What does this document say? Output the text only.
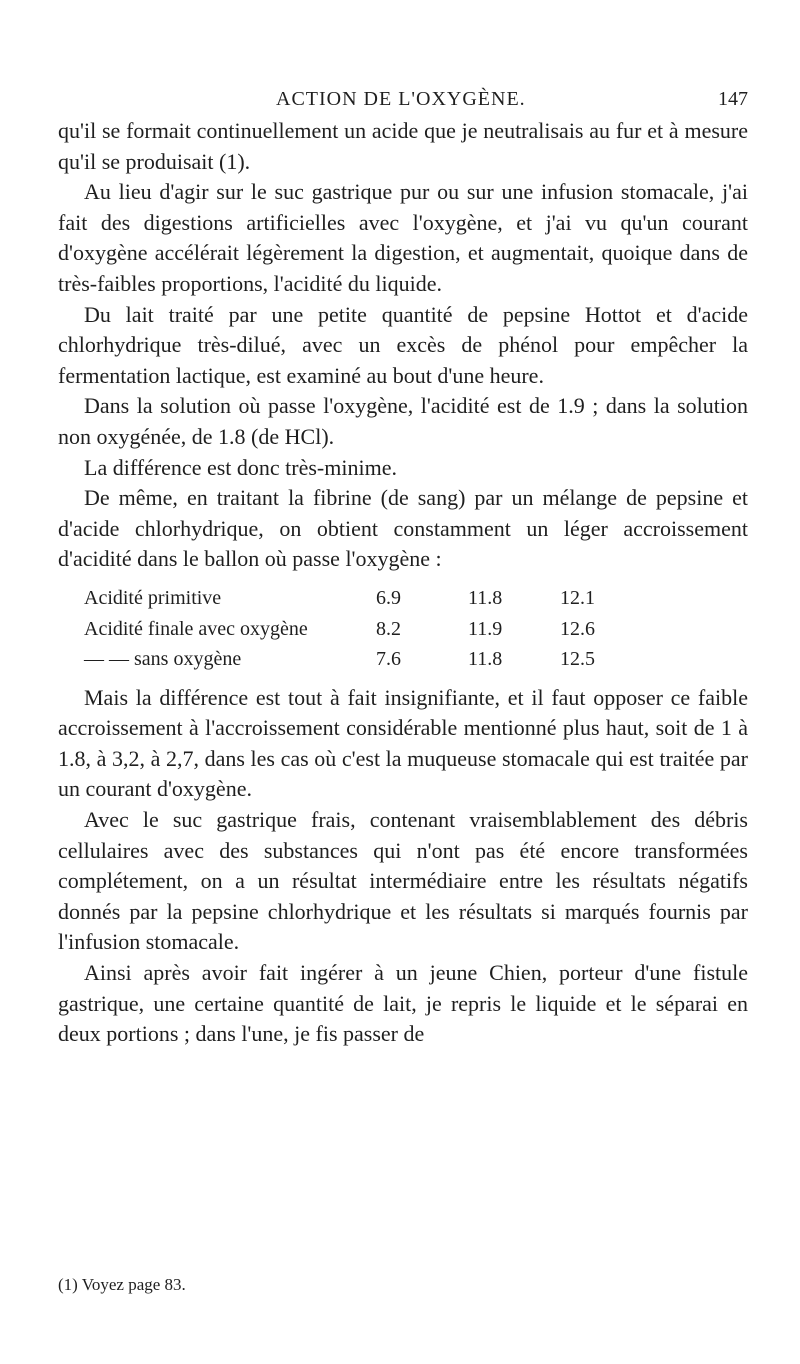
ACTION DE L'OXYGÈNE.	147

qu'il se formait continuellement un acide que je neutralisais au fur et à mesure qu'il se produisait (1).

Au lieu d'agir sur le suc gastrique pur ou sur une infusion stomacale, j'ai fait des digestions artificielles avec l'oxygène, et j'ai vu qu'un courant d'oxygène accélérait légèrement la digestion, et augmentait, quoique dans de très-faibles proportions, l'acidité du liquide.

Du lait traité par une petite quantité de pepsine Hottot et d'acide chlorhydrique très-dilué, avec un excès de phénol pour empêcher la fermentation lactique, est examiné au bout d'une heure.

Dans la solution où passe l'oxygène, l'acidité est de 1.9 ; dans la solution non oxygénée, de 1.8 (de HCl).

La différence est donc très-minime.

De même, en traitant la fibrine (de sang) par un mélange de pepsine et d'acide chlorhydrique, on obtient constamment un léger accroissement d'acidité dans le ballon où passe l'oxygène :

Acidité primitive	6.9	11.8	12.1
Acidité finale avec oxygène	8.2	11.9	12.6
— — sans oxygène	7.6	11.8	12.5

Mais la différence est tout à fait insignifiante, et il faut opposer ce faible accroissement à l'accroissement considérable mentionné plus haut, soit de 1 à 1.8, à 3,2, à 2,7, dans les cas où c'est la muqueuse stomacale qui est traitée par un courant d'oxygène.

Avec le suc gastrique frais, contenant vraisemblablement des débris cellulaires avec des substances qui n'ont pas été encore transformées complétement, on a un résultat intermédiaire entre les résultats négatifs donnés par la pepsine chlorhydrique et les résultats si marqués fournis par l'infusion stomacale.

Ainsi après avoir fait ingérer à un jeune Chien, porteur d'une fistule gastrique, une certaine quantité de lait, je repris le liquide et le séparai en deux portions ; dans l'une, je fis passer de

(1) Voyez page 83.
